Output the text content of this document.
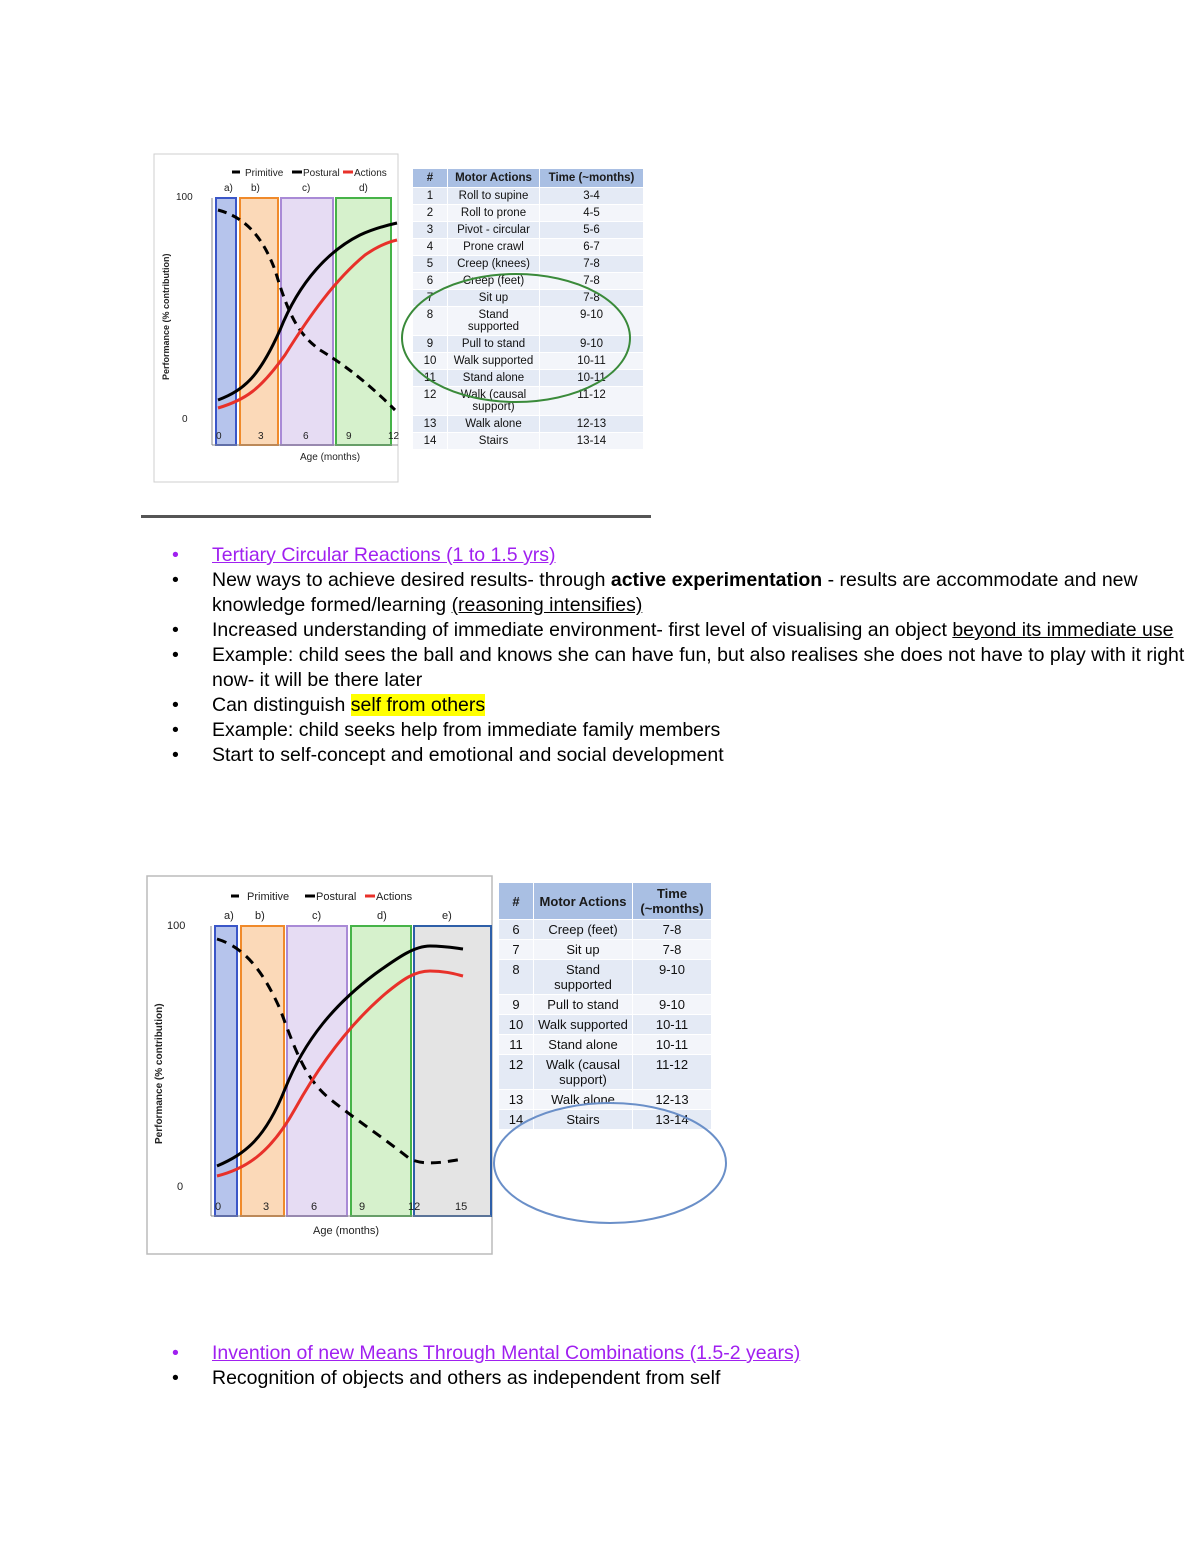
Primitive Postural Actions
a) b)	c)	d)
100
0
Performance (% contribution)
0	3	6	9	12
Age (months)
#	Motor Actions	Time (~months)
1	Roll to supine	3-4
2	Roll to prone	4-5
3	Pivot - circular	5-6
4	Prone crawl	6-7
5	Creep (knees)	7-8
6	Creep (feet)	7-8
7	Sit up	7-8
8	Stand supported	9-10
9	Pull to stand	9-10
10	Walk supported	10-11
11	Stand alone	10-11
12	Walk (causal support)	11-12
13	Walk alone	12-13
14	Stairs	13-14
• Tertiary Circular Reactions (1 to 1.5 yrs)
• New ways to achieve desired results- through active experimentation - results are accommodate and new knowledge formed/learning (reasoning intensifies)
• Increased understanding of immediate environment- first level of visualising an object beyond its immediate use
• Example: child sees the ball and knows she can have fun, but also realises she does not have to play with it right now- it will be there later
• Can distinguish self from others
• Example: child seeks help from immediate family members
• Start to self-concept and emotional and social development
Primitive Postural Actions
a) b)	c)	d)	e)
100
0
Performance (% contribution)
0	3	6	9	12	15
Age (months)
#	Motor Actions	Time (~months)
6	Creep (feet)	7-8
7	Sit up	7-8
8	Stand supported	9-10
9	Pull to stand	9-10
10	Walk supported	10-11
11	Stand alone	10-11
12	Walk (causal support)	11-12
13	Walk alone	12-13
14	Stairs	13-14
• Invention of new Means Through Mental Combinations (1.5-2 years)
• Recognition of objects and others as independent from self
